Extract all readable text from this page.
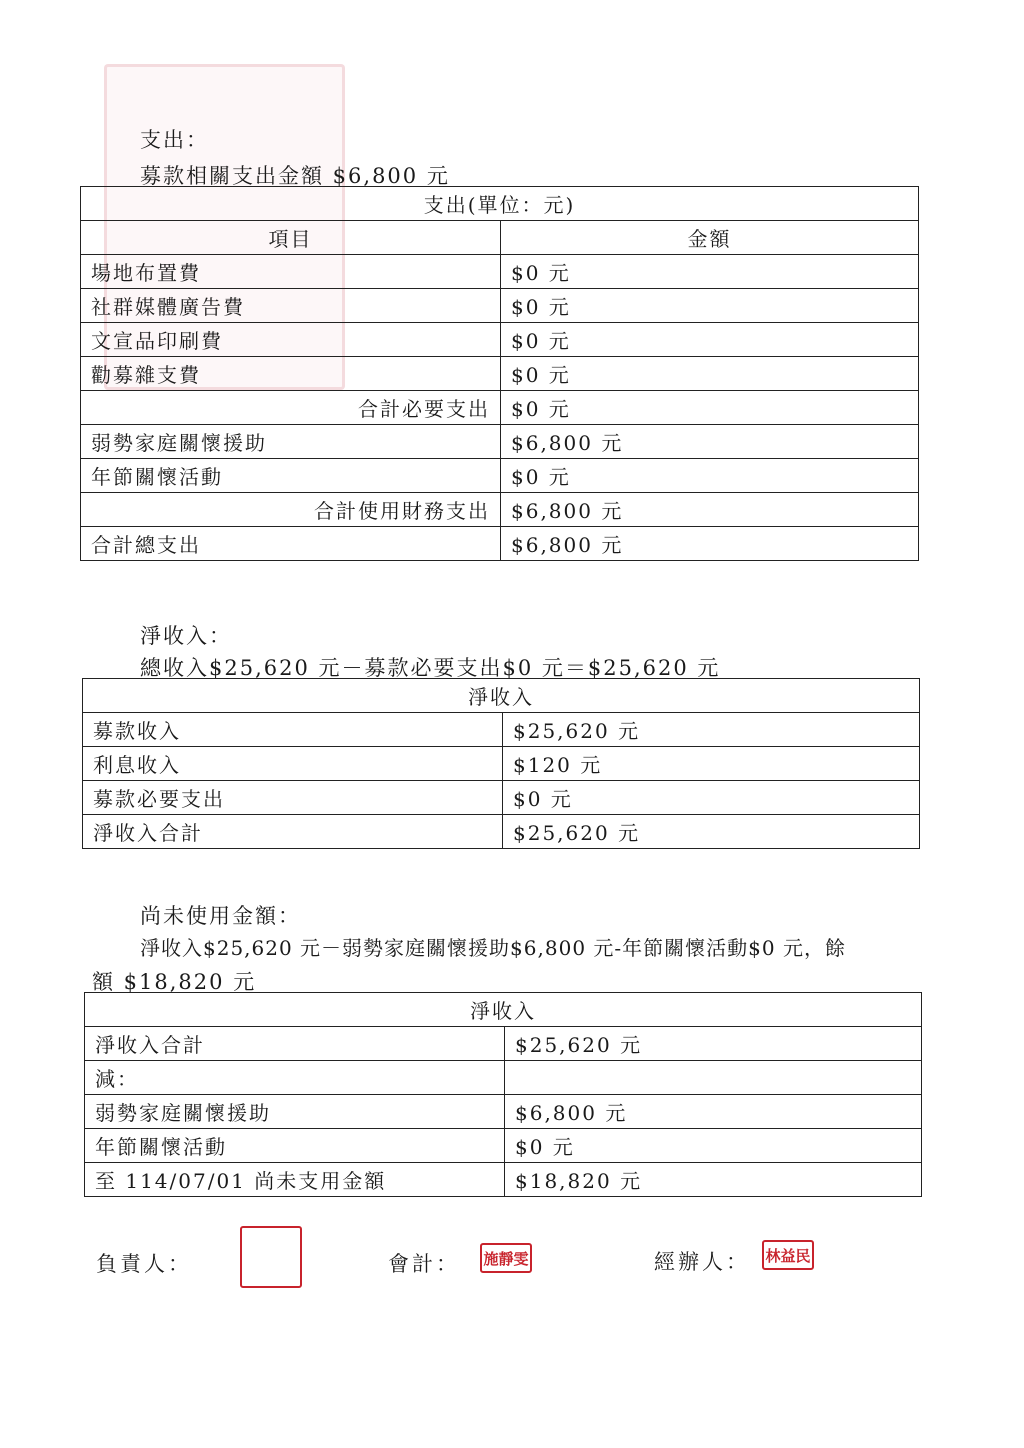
支出：
募款相關支出金額 $6,800 元
支出(單位：元)	
項目	金額
場地布置費	$0 元
社群媒體廣告費	$0 元
文宣品印刷費	$0 元
勸募雜支費	$0 元
合計必要支出	$0 元
弱勢家庭關懷援助	$6,800 元
年節關懷活動	$0 元
合計使用財務支出	$6,800 元
合計總支出	$6,800 元
淨收入：
總收入$25,620 元－募款必要支出$0 元＝$25,620 元
淨收入	
募款收入	$25,620 元
利息收入	$120 元
募款必要支出	$0 元
淨收入合計	$25,620 元
尚未使用金額：
淨收入$25,620 元－弱勢家庭關懷援助$6,800 元-年節關懷活動$0 元，餘
額 $18,820 元
淨收入	
淨收入合計	$25,620 元
減：	
弱勢家庭關懷援助	$6,800 元
年節關懷活動	$0 元
至 114/07/01 尚未支用金額	$18,820 元
負責人：	會計： 施靜雯	經辦人： 林益民
